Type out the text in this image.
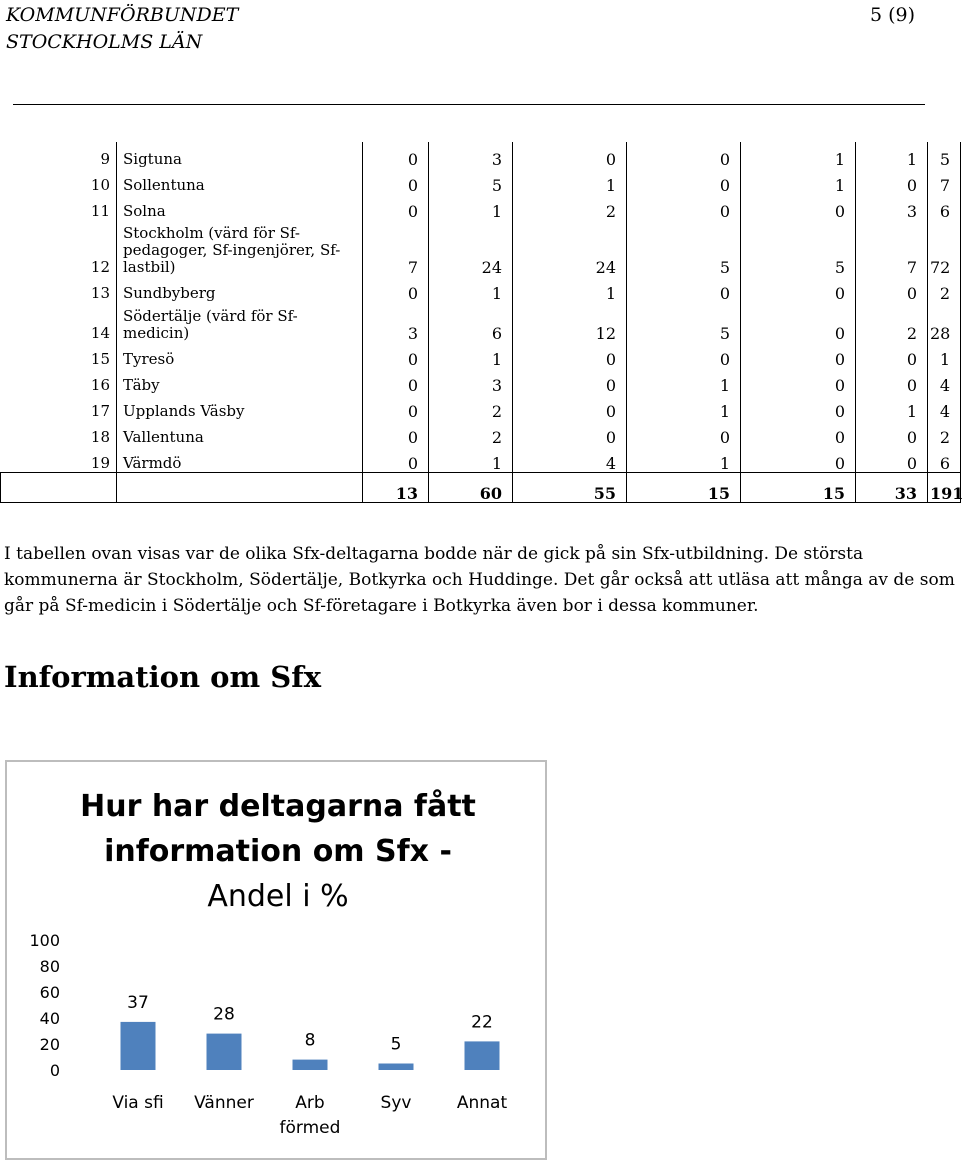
KOMMUNFÖRBUNDET
STOCKHOLMS LÄN
5 (9)
9	Sigtuna	0	3	0	0	1	1	5	
10	Sollentuna	0	5	1	0	1	0	7	
11	Solna	0	1	2	0	0	3	6	
12	Stockholm (värd för Sf-pedagoger, Sf-ingenjörer, Sf-lastbil)	7	24	24	5	5	7	72	
13	Sundbyberg	0	1	1	0	0	0	2	
14	Södertälje (värd för Sf-medicin)	3	6	12	5	0	2	28	
15	Tyresö	0	1	0	0	0	0	1	
16	Täby	0	3	0	1	0	0	4	
17	Upplands Väsby	0	2	0	1	0	1	4	
18	Vallentuna	0	2	0	0	0	0	2	
19	Värmdö	0	1	4	1	0	0	6	
		13	60	55	15	15	33	191	
I tabellen ovan visas var de olika Sfx-deltagarna bodde när de gick på sin Sfx-utbildning. De största kommunerna är Stockholm, Södertälje, Botkyrka och Huddinge. Det går också att utläsa att många av de som går på Sf-medicin i Södertälje och Sf-företagare i Botkyrka även bor i dessa kommuner.
Information om Sfx
Hur har deltagarna fått information om Sfx -
Andel i %
100
80
60
40
20
0
37
Via sfi
28
Vänner
8
Arb
förmed
5
Syv
22
Annat
